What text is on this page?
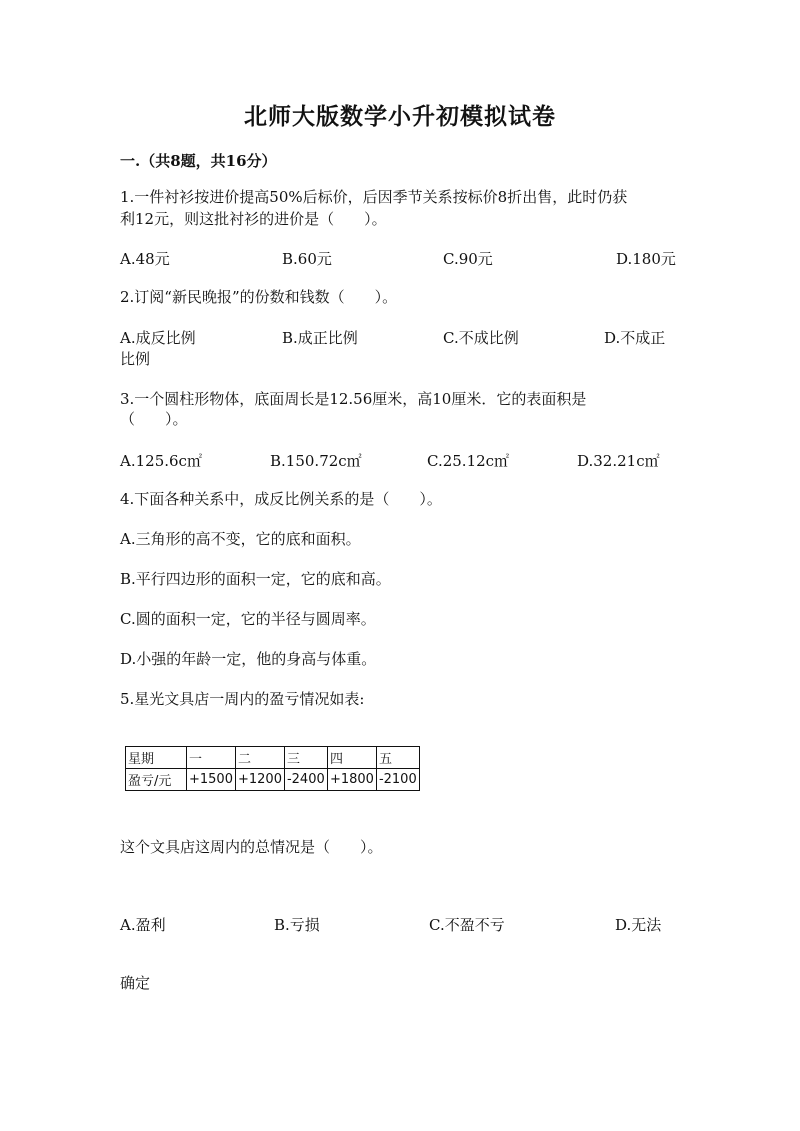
北师大版数学小升初模拟试卷
一.（共8题，共16分）
1.一件衬衫按进价提高50%后标价，后因季节关系按标价8折出售，此时仍获
利12元，则这批衬衫的进价是（　　）。
A.48元	B.60元	C.90元	D.180元
2.订阅“新民晚报”的份数和钱数（　　）。
A.成反比例	B.成正比例	C.不成比例	D.不成正
比例
3.一个圆柱形物体，底面周长是12.56厘米，高10厘米．它的表面积是
（　　）。
A.125.6c㎡	B.150.72c㎡	C.25.12c㎡	D.32.21c㎡
4.下面各种关系中，成反比例关系的是（　　）。
A.三角形的高不变，它的底和面积。
B.平行四边形的面积一定，它的底和高。
C.圆的面积一定，它的半径与圆周率。
D.小强的年龄一定，他的身高与体重。
5.星光文具店一周内的盈亏情况如表:
星期	一	二	三	四	五
盈亏/元	+1500	+1200	-2400	+1800	-2100
这个文具店这周内的总情况是（　　）。
A.盈利	B.亏损	C.不盈不亏	D.无法
确定
